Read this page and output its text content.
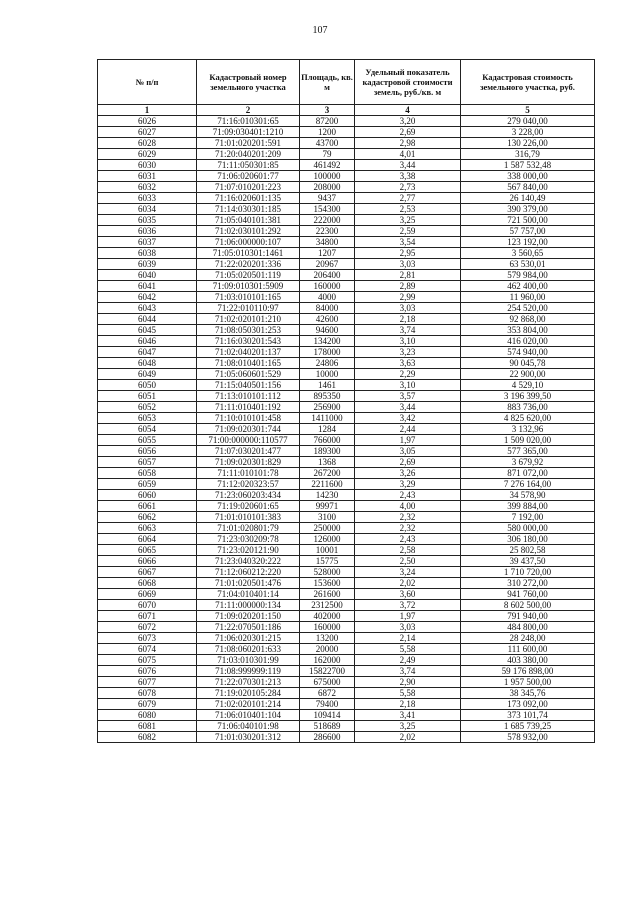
107
№ п/п	Кадастровый номер земельного участка	Площадь, кв. м	Удельный показатель кадастровой стоимости земель, руб./кв. м	Кадастровая стоимость земельного участка, руб.
1	2	3	4	5
6026	71:16:010301:65	87200	3,20	279 040,00
6027	71:09:030401:1210	1200	2,69	3 228,00
6028	71:01:020201:591	43700	2,98	130 226,00
6029	71:20:040201:209	79	4,01	316,79
6030	71:11:050301:85	461492	3,44	1 587 532,48
6031	71:06:020601:77	100000	3,38	338 000,00
6032	71:07:010201:223	208000	2,73	567 840,00
6033	71:16:020601:135	9437	2,77	26 140,49
6034	71:14:030301:185	154300	2,53	390 379,00
6035	71:05:040101:381	222000	3,25	721 500,00
6036	71:02:030101:292	22300	2,59	57 757,00
6037	71:06:000000:107	34800	3,54	123 192,00
6038	71:05:010301:1461	1207	2,95	3 560,65
6039	71:22:020201:336	20967	3,03	63 530,01
6040	71:05:020501:119	206400	2,81	579 984,00
6041	71:09:010301:5909	160000	2,89	462 400,00
6042	71:03:010101:165	4000	2,99	11 960,00
6043	71:22:010110:97	84000	3,03	254 520,00
6044	71:02:020101:210	42600	2,18	92 868,00
6045	71:08:050301:253	94600	3,74	353 804,00
6046	71:16:030201:543	134200	3,10	416 020,00
6047	71:02:040201:137	178000	3,23	574 940,00
6048	71:08:010401:165	24806	3,63	90 045,78
6049	71:05:060601:529	10000	2,29	22 900,00
6050	71:15:040501:156	1461	3,10	4 529,10
6051	71:13:010101:112	895350	3,57	3 196 399,50
6052	71:11:010401:192	256900	3,44	883 736,00
6053	71:10:010101:458	1411000	3,42	4 825 620,00
6054	71:09:020301:744	1284	2,44	3 132,96
6055	71:00:000000:110577	766000	1,97	1 509 020,00
6056	71:07:030201:477	189300	3,05	577 365,00
6057	71:09:020301:829	1368	2,69	3 679,92
6058	71:11:010101:78	267200	3,26	871 072,00
6059	71:12:020323:57	2211600	3,29	7 276 164,00
6060	71:23:060203:434	14230	2,43	34 578,90
6061	71:19:020601:65	99971	4,00	399 884,00
6062	71:01:010101:383	3100	2,32	7 192,00
6063	71:01:020801:79	250000	2,32	580 000,00
6064	71:23:030209:78	126000	2,43	306 180,00
6065	71:23:020121:90	10001	2,58	25 802,58
6066	71:23:040320:222	15775	2,50	39 437,50
6067	71:12:060212:220	528000	3,24	1 710 720,00
6068	71:01:020501:476	153600	2,02	310 272,00
6069	71:04:010401:14	261600	3,60	941 760,00
6070	71:11:000000:134	2312500	3,72	8 602 500,00
6071	71:09:020201:150	402000	1,97	791 940,00
6072	71:22:070501:186	160000	3,03	484 800,00
6073	71:06:020301:215	13200	2,14	28 248,00
6074	71:08:060201:633	20000	5,58	111 600,00
6075	71:03:010301:99	162000	2,49	403 380,00
6076	71:08:999999:119	15822700	3,74	59 176 898,00
6077	71:22:070301:213	675000	2,90	1 957 500,00
6078	71:19:020105:284	6872	5,58	38 345,76
6079	71:02:020101:214	79400	2,18	173 092,00
6080	71:06:010401:104	109414	3,41	373 101,74
6081	71:06:040101:98	518689	3,25	1 685 739,25
6082	71:01:030201:312	286600	2,02	578 932,00
